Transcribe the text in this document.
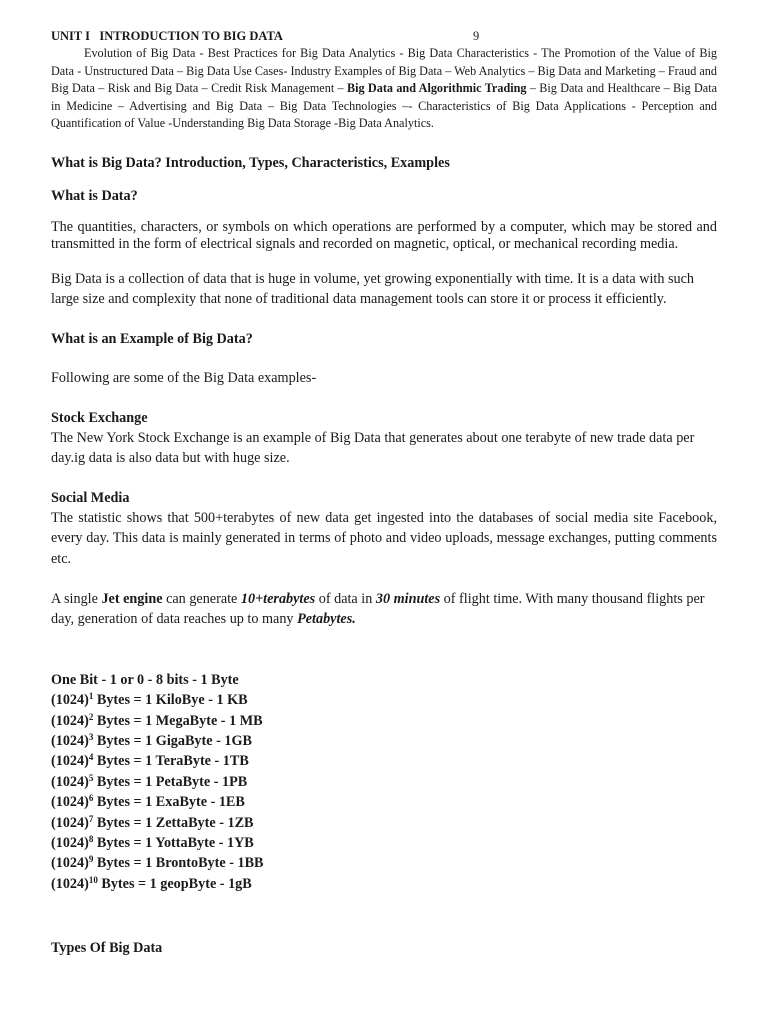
UNIT I   INTRODUCTION TO BIG DATA	9

Evolution of Big Data - Best Practices for Big Data Analytics - Big Data Characteristics - The Promotion of the Value of Big Data - Unstructured Data – Big Data Use Cases- Industry Examples of Big Data – Web Analytics – Big Data and Marketing – Fraud and Big Data – Risk and Big Data – Credit Risk Management – Big Data and Algorithmic Trading – Big Data and Healthcare – Big Data in Medicine – Advertising and Big Data – Big Data Technologies –- Characteristics of Big Data Applications - Perception and Quantification of Value -Understanding Big Data Storage -Big Data Analytics.

What is Big Data? Introduction, Types, Characteristics, Examples
What is Data?

The quantities, characters, or symbols on which operations are performed by a computer, which may be stored and transmitted in the form of electrical signals and recorded on magnetic, optical, or mechanical recording media.

Big Data is a collection of data that is huge in volume, yet growing exponentially with time. It is a data with such large size and complexity that none of traditional data management tools can store it or process it efficiently.

What is an Example of Big Data?

Following are some of the Big Data examples-

Stock Exchange

The New York Stock Exchange is an example of Big Data that generates about one terabyte of new trade data per day.ig data is also data but with huge size.

Social Media

The statistic shows that 500+terabytes of new data get ingested into the databases of social media site Facebook, every day. This data is mainly generated in terms of photo and video uploads, message exchanges, putting comments etc.

A single Jet engine can generate 10+terabytes of data in 30 minutes of flight time. With many thousand flights per day, generation of data reaches up to many Petabytes.

One Bit - 1 or 0 - 8 bits - 1 Byte
$(1024)^1$ Bytes = 1 KiloBye - 1 KB
$(1024)^2$ Bytes = 1 MegaByte - 1 MB
$(1024)^3$ Bytes = 1 GigaByte - 1GB
$(1024)^4$ Bytes = 1 TeraByte - 1TB
$(1024)^5$ Bytes = 1 PetaByte - 1PB
$(1024)^6$ Bytes = 1 ExaByte - 1EB
$(1024)^7$ Bytes = 1 ZettaByte - 1ZB
$(1024)^8$ Bytes = 1 YottaByte - 1YB
$(1024)^9$ Bytes = 1 BrontoByte - 1BB
$(1024)^{10}$ Bytes = 1 geopByte - 1gB
Types Of Big Data
